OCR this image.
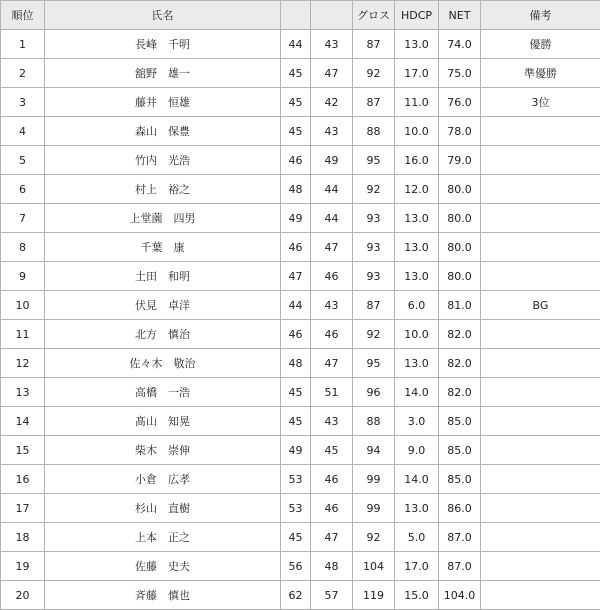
順位	氏名			グロス	HDCP	NET	備考
1	長峰　千明	44	43	87	13.0	74.0	優勝
2	舘野　雄一	45	47	92	17.0	75.0	準優勝
3	藤井　恒雄	45	42	87	11.0	76.0	3位
4	森山　保豊	45	43	88	10.0	78.0	
5	竹内　光浩	46	49	95	16.0	79.0	
6	村上　裕之	48	44	92	12.0	80.0	
7	上堂薗　四男	49	44	93	13.0	80.0	
8	千葉　康	46	47	93	13.0	80.0	
9	土田　和明	47	46	93	13.0	80.0	
10	伏見　卓洋	44	43	87	6.0	81.0	BG
11	北方　慎治	46	46	92	10.0	82.0	
12	佐々木　敬治	48	47	95	13.0	82.0	
13	高橋　一浩	45	51	96	14.0	82.0	
14	髙山　知晃	45	43	88	3.0	85.0	
15	柴木　崇伸	49	45	94	9.0	85.0	
16	小倉　広孝	53	46	99	14.0	85.0	
17	杉山　直樹	53	46	99	13.0	86.0	
18	上本　正之	45	47	92	5.0	87.0	
19	佐藤　史夫	56	48	104	17.0	87.0	
20	斉藤　慎也	62	57	119	15.0	104.0	
